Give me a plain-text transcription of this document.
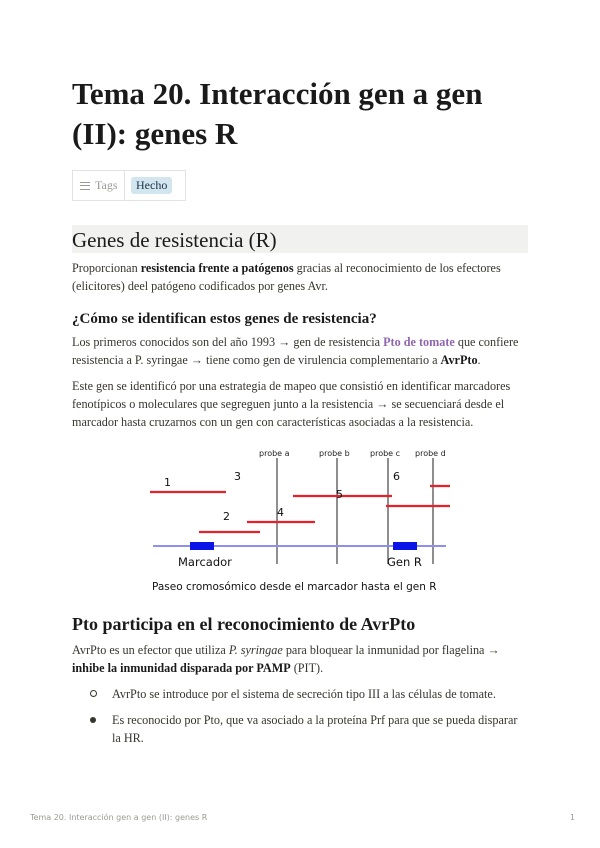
Tema 20. Interacción gen a gen (II): genes R
Tags	Hecho
Genes de resistencia (R)
Proporcionan resistencia frente a patógenos gracias al reconocimiento de los efectores (elicitores) deel patógeno codificados por genes Avr.
¿Cómo se identifican estos genes de resistencia?
Los primeros conocidos son del año 1993 → gen de resistencia Pto de tomate que confiere resistencia a P. syringae → tiene como gen de virulencia complementario a AvrPto.
Este gen se identificó por una estrategia de mapeo que consistió en identificar marcadores fenotípicos o moleculares que segreguen junto a la resistencia → se secuenciará desde el marcador hasta cruzarnos con un gen con características asociadas a la resistencia.
probe a	probe b	probe c probe d
1
2
3
4
5
6
Marcador	Gen R
Paseo cromosómico desde el marcador hasta el gen R
Pto participa en el reconocimiento de AvrPto
AvrPto es un efector que utiliza P. syringae para bloquear la inmunidad por flagelina → inhibe la inmunidad disparada por PAMP (PIT).
AvrPto se introduce por el sistema de secreción tipo III a las células de tomate.
Es reconocido por Pto, que va asociado a la proteína Prf para que se pueda disparar la HR.
Tema 20. Interacción gen a gen (II): genes R	1
